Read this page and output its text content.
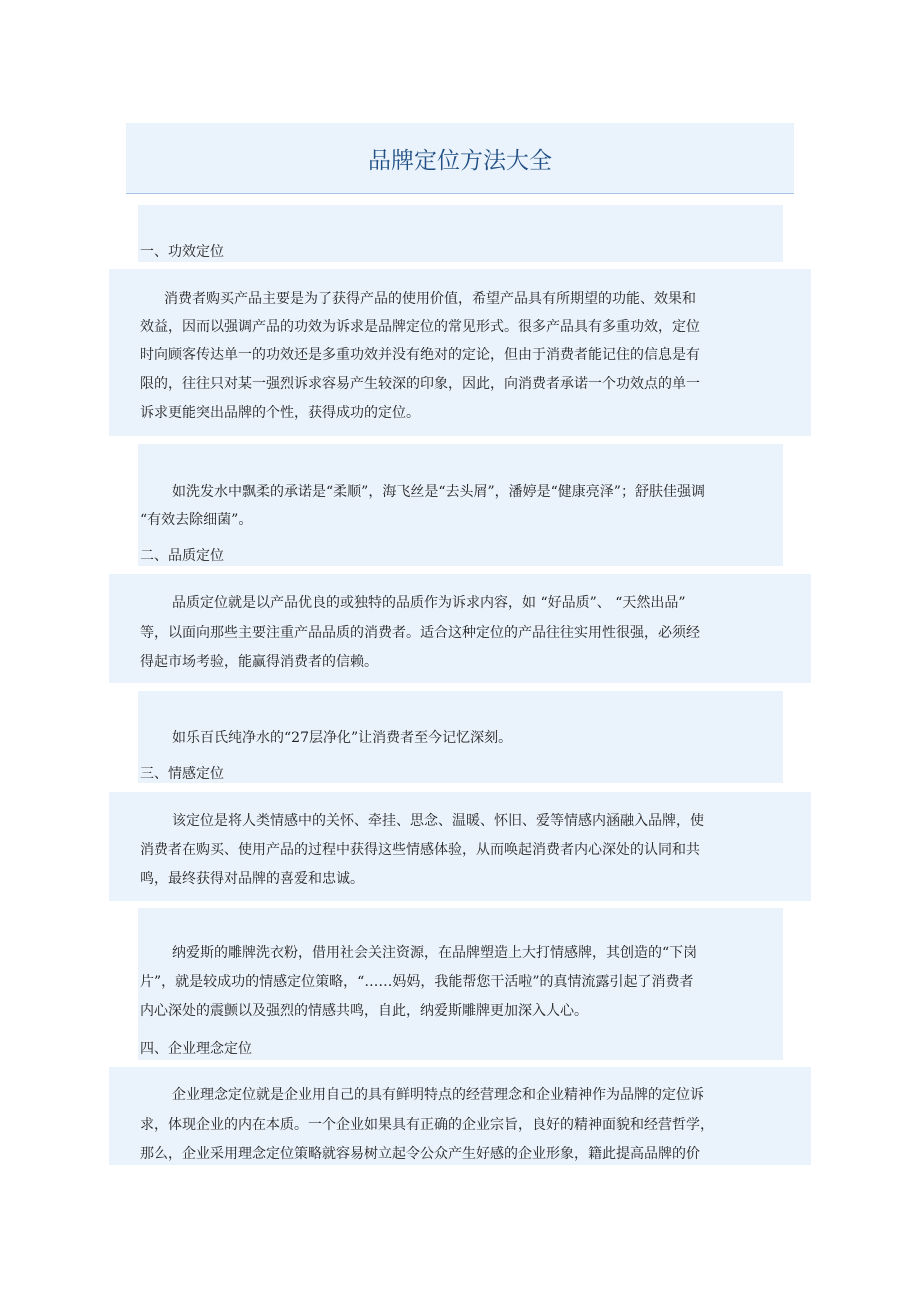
品牌定位方法大全

一、功效定位

消费者购买产品主要是为了获得产品的使用价值，希望产品具有所期望的功能、效果和

效益，因而以强调产品的功效为诉求是品牌定位的常见形式。很多产品具有多重功效，定位

时向顾客传达单一的功效还是多重功效并没有绝对的定论，但由于消费者能记住的信息是有

限的，往往只对某一强烈诉求容易产生较深的印象，因此，向消费者承诺一个功效点的单一

诉求更能突出品牌的个性，获得成功的定位。

如洗发水中飘柔的承诺是“柔顺”，海飞丝是“去头屑”，潘婷是“健康亮泽”；舒肤佳强调

“有效去除细菌”。

二、品质定位

品质定位就是以产品优良的或独特的品质作为诉求内容，如 “好品质”、 “天然出品”

等，以面向那些主要注重产品品质的消费者。适合这种定位的产品往往实用性很强，必须经

得起市场考验，能赢得消费者的信赖。

如乐百氏纯净水的“27层净化”让消费者至今记忆深刻。

三、情感定位

该定位是将人类情感中的关怀、牵挂、思念、温暖、怀旧、爱等情感内涵融入品牌，使

消费者在购买、使用产品的过程中获得这些情感体验，从而唤起消费者内心深处的认同和共

鸣，最终获得对品牌的喜爱和忠诚。

纳爱斯的雕牌洗衣粉，借用社会关注资源，在品牌塑造上大打情感牌，其创造的“下岗

片”，就是较成功的情感定位策略，“……妈妈，我能帮您干活啦”的真情流露引起了消费者

内心深处的震颤以及强烈的情感共鸣，自此，纳爱斯雕牌更加深入人心。

四、企业理念定位

企业理念定位就是企业用自己的具有鲜明特点的经营理念和企业精神作为品牌的定位诉

求，体现企业的内在本质。一个企业如果具有正确的企业宗旨，良好的精神面貌和经营哲学，

那么，企业采用理念定位策略就容易树立起令公众产生好感的企业形象，籍此提高品牌的价
